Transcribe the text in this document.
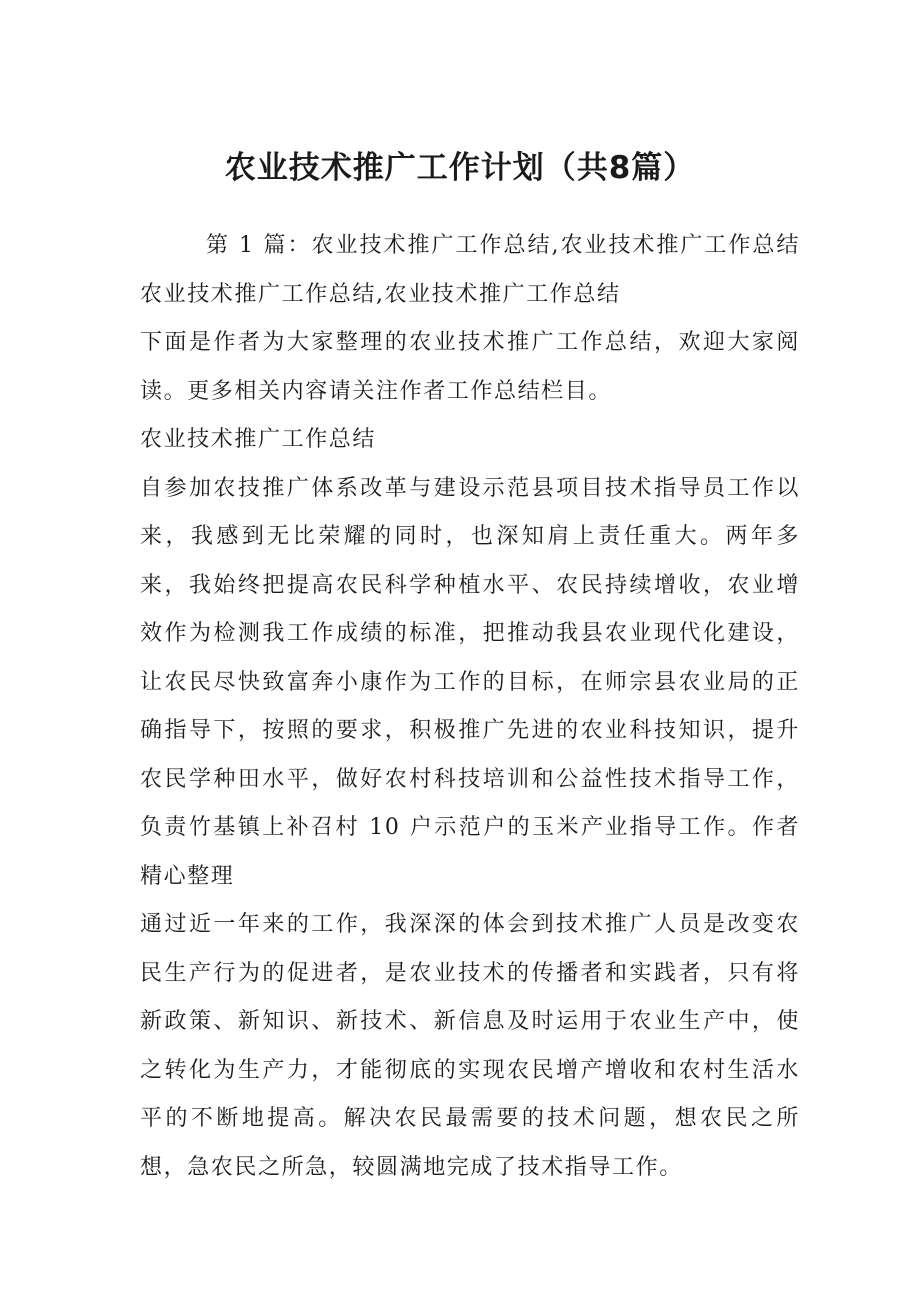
农业技术推广工作计划（共8篇）

第 1 篇：农业技术推广工作总结,农业技术推广工作总结农业技术推广工作总结,农业技术推广工作总结

下面是作者为大家整理的农业技术推广工作总结，欢迎大家阅读。更多相关内容请关注作者工作总结栏目。

农业技术推广工作总结

自参加农技推广体系改革与建设示范县项目技术指导员工作以来，我感到无比荣耀的同时，也深知肩上责任重大。两年多来，我始终把提高农民科学种植水平、农民持续增收，农业增效作为检测我工作成绩的标准，把推动我县农业现代化建设，让农民尽快致富奔小康作为工作的目标，在师宗县农业局的正确指导下，按照的要求，积极推广先进的农业科技知识，提升农民学种田水平，做好农村科技培训和公益性技术指导工作，负责竹基镇上补召村 10 户示范户的玉米产业指导工作。作者精心整理

通过近一年来的工作，我深深的体会到技术推广人员是改变农民生产行为的促进者，是农业技术的传播者和实践者，只有将新政策、新知识、新技术、新信息及时运用于农业生产中，使之转化为生产力，才能彻底的实现农民增产增收和农村生活水平的不断地提高。解决农民最需要的技术问题，想农民之所想，急农民之所急，较圆满地完成了技术指导工作。
